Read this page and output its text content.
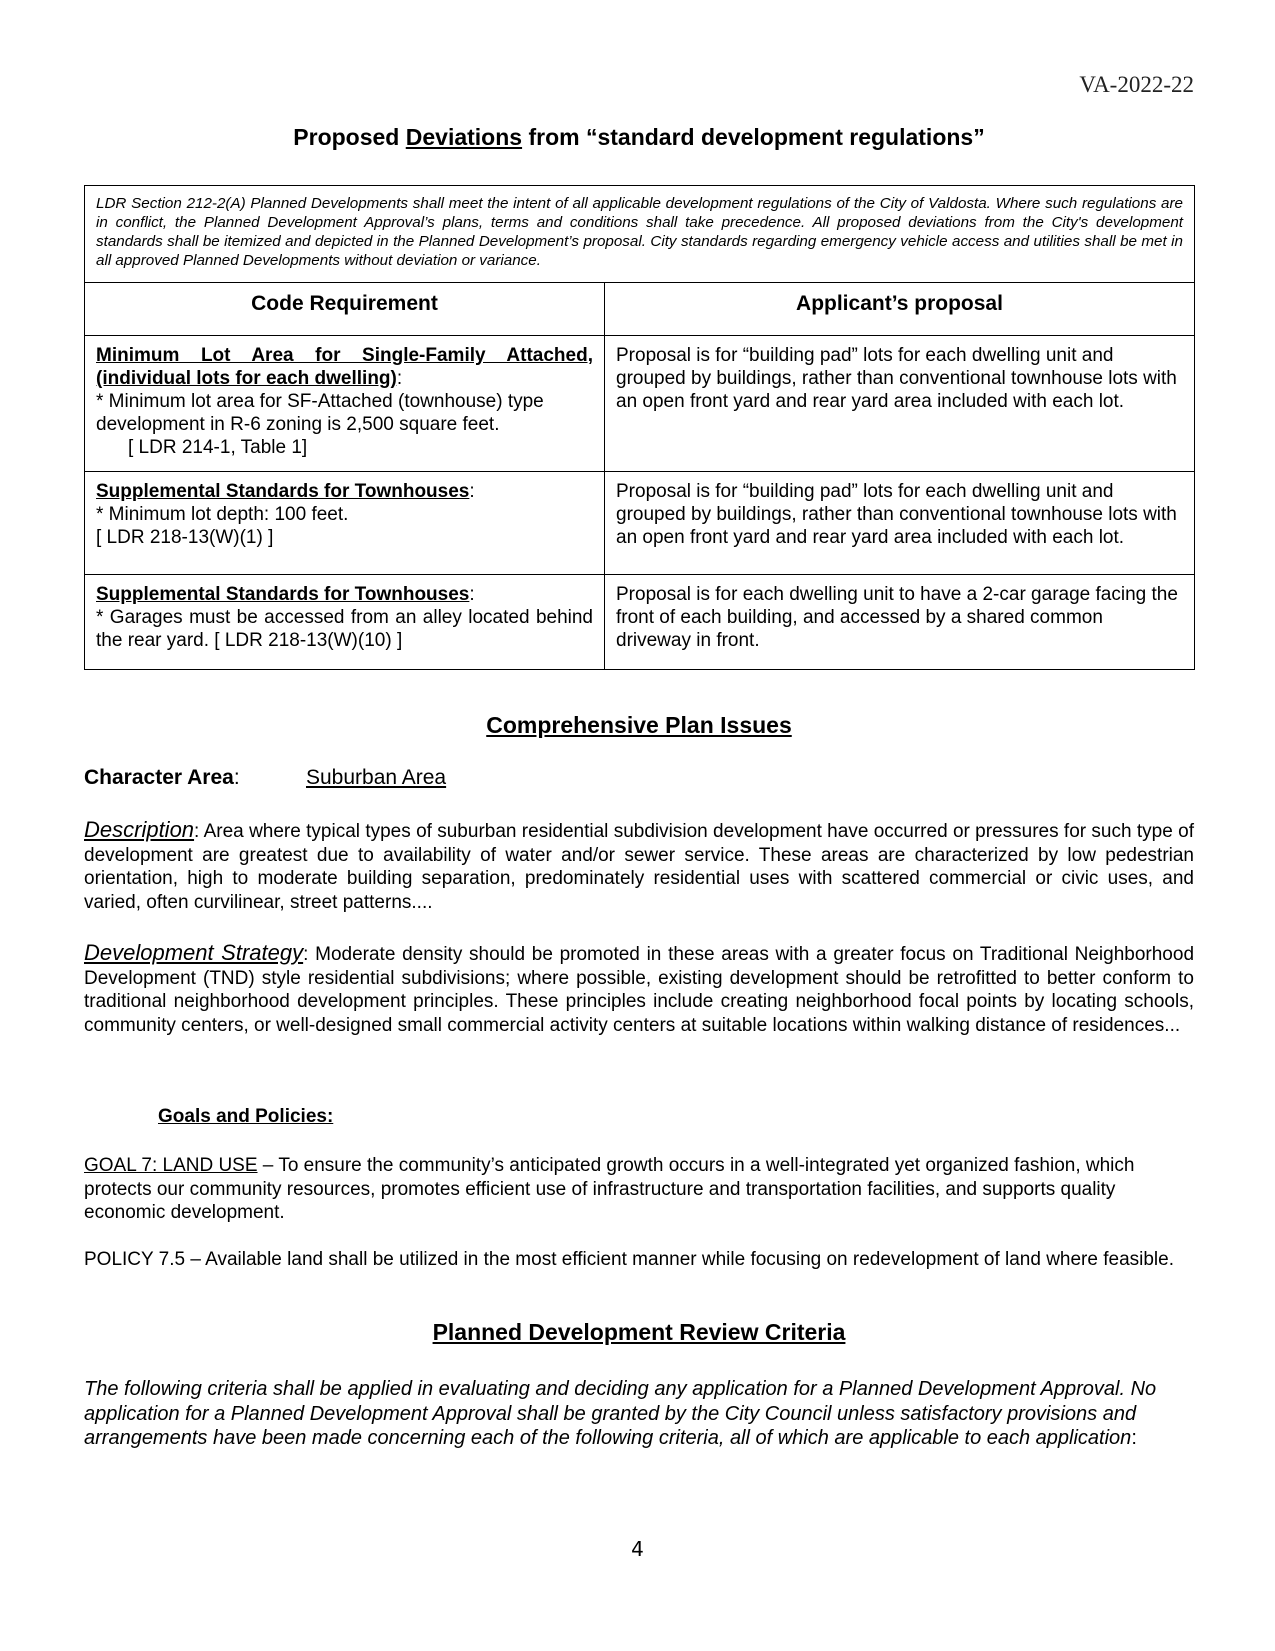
VA-2022-22
Proposed Deviations from “standard development regulations”
LDR Section 212-2(A) Planned Developments shall meet the intent of all applicable development regulations of the City of Valdosta. Where such regulations are in conflict, the Planned Development Approval’s plans, terms and conditions shall take precedence. All proposed deviations from the City's development standards shall be itemized and depicted in the Planned Development’s proposal. City standards regarding emergency vehicle access and utilities shall be met in all approved Planned Developments without deviation or variance.	
Code Requirement	Applicant’s proposal

Minimum Lot Area for Single-Family Attached, (individual lots for each dwelling):
* Minimum lot area for SF-Attached (townhouse) type development in R-6 zoning is 2,500 square feet.
[ LDR 214-1, Table 1]	Proposal is for “building pad” lots for each dwelling unit and grouped by buildings, rather than conventional townhouse lots with an open front yard and rear yard area included with each lot.

Supplemental Standards for Townhouses:
* Minimum lot depth: 100 feet.
[ LDR 218-13(W)(1) ]	Proposal is for “building pad” lots for each dwelling unit and grouped by buildings, rather than conventional townhouse lots with an open front yard and rear yard area included with each lot.

Supplemental Standards for Townhouses:
* Garages must be accessed from an alley located behind the rear yard. [ LDR 218-13(W)(10) ]	Proposal is for each dwelling unit to have a 2-car garage facing the front of each building, and accessed by a shared common driveway in front.
Comprehensive Plan Issues

Character Area:	Suburban Area

Description: Area where typical types of suburban residential subdivision development have occurred or pressures for such type of development are greatest due to availability of water and/or sewer service. These areas are characterized by low pedestrian orientation, high to moderate building separation, predominately residential uses with scattered commercial or civic uses, and varied, often curvilinear, street patterns....

Development Strategy: Moderate density should be promoted in these areas with a greater focus on Traditional Neighborhood Development (TND) style residential subdivisions; where possible, existing development should be retrofitted to better conform to traditional neighborhood development principles. These principles include creating neighborhood focal points by locating schools, community centers, or well-designed small commercial activity centers at suitable locations within walking distance of residences...

Goals and Policies:

GOAL 7: LAND USE – To ensure the community’s anticipated growth occurs in a well-integrated yet organized fashion, which protects our community resources, promotes efficient use of infrastructure and transportation facilities, and supports quality economic development.

POLICY 7.5 – Available land shall be utilized in the most efficient manner while focusing on redevelopment of land where feasible.

Planned Development Review Criteria

The following criteria shall be applied in evaluating and deciding any application for a Planned Development Approval. No application for a Planned Development Approval shall be granted by the City Council unless satisfactory provisions and arrangements have been made concerning each of the following criteria, all of which are applicable to each application:

4
